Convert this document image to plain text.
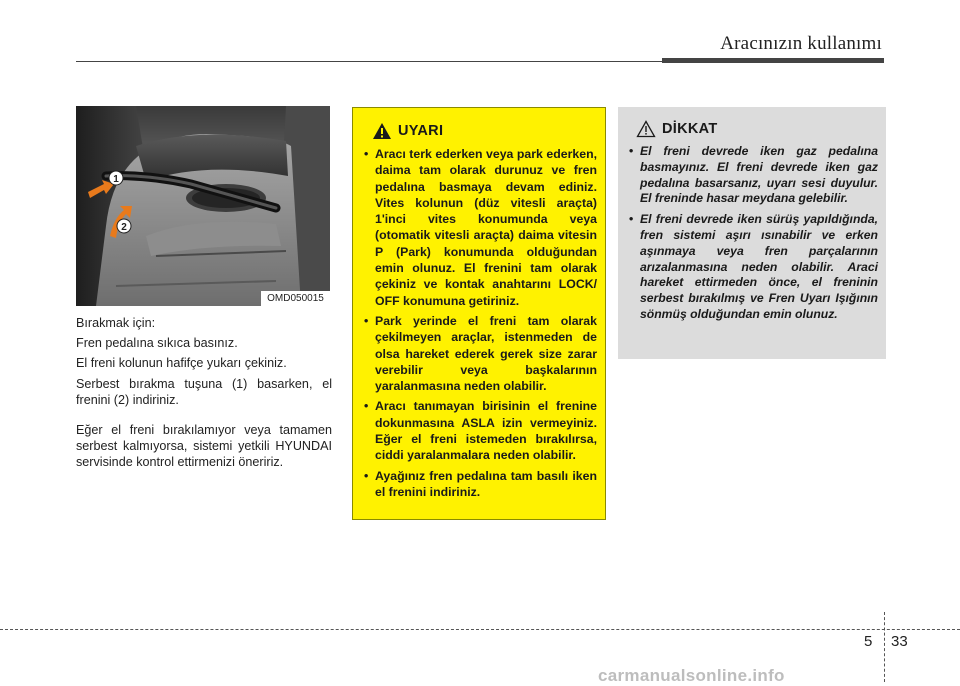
Aracınızın kullanımı
1
2
OMD050015

Bırakmak için:

Fren pedalına sıkıca basınız.

El freni kolunun hafifçe yukarı çekiniz.

Serbest bırakma tuşuna (1) basarken, el frenini (2) indiriniz.

Eğer el freni bırakılamıyor veya tamamen serbest kalmıyorsa, sistemi yetkili HYUNDAI servisinde kontrol ettirmenizi öneririz.

UYARI
• Aracı terk ederken veya park ederken, daima tam olarak durunuz ve fren pedalına basmaya devam ediniz. Vites kolunun (düz vitesli araçta) 1'inci vites konumunda veya (otomatik vitesli araçta) daima vitesin P (Park) konumunda olduğundan emin olunuz. El frenini tam olarak çekiniz ve kontak anahtarını LOCK/ OFF konumuna getiriniz.
• Park yerinde el freni tam olarak çekilmeyen araçlar, istenmeden de olsa hareket ederek gerek size zarar verebilir veya başkalarının yaralanmasına neden olabilir.
• Aracı tanımayan birisinin el frenine dokunmasına ASLA izin vermeyiniz. Eğer el freni istemeden bırakılırsa, ciddi yaralanmalara neden olabilir.
• Ayağınız fren pedalına tam basılı iken el frenini indiriniz.
DİKKAT
• El freni devrede iken gaz pedalına basmayınız. El freni devrede iken gaz pedalına basarsanız, uyarı sesi duyulur. El freninde hasar meydana gelebilir.
• El freni devrede iken sürüş yapıldığında, fren sistemi aşırı ısınabilir ve erken aşınmaya veya fren parçalarının arızalanmasına neden olabilir. Araci hareket ettirmeden önce, el freninin serbest bırakılmış ve Fren Uyarı Işığının sönmüş olduğundan emin olunuz.
5 33
carmanualsonline.info
